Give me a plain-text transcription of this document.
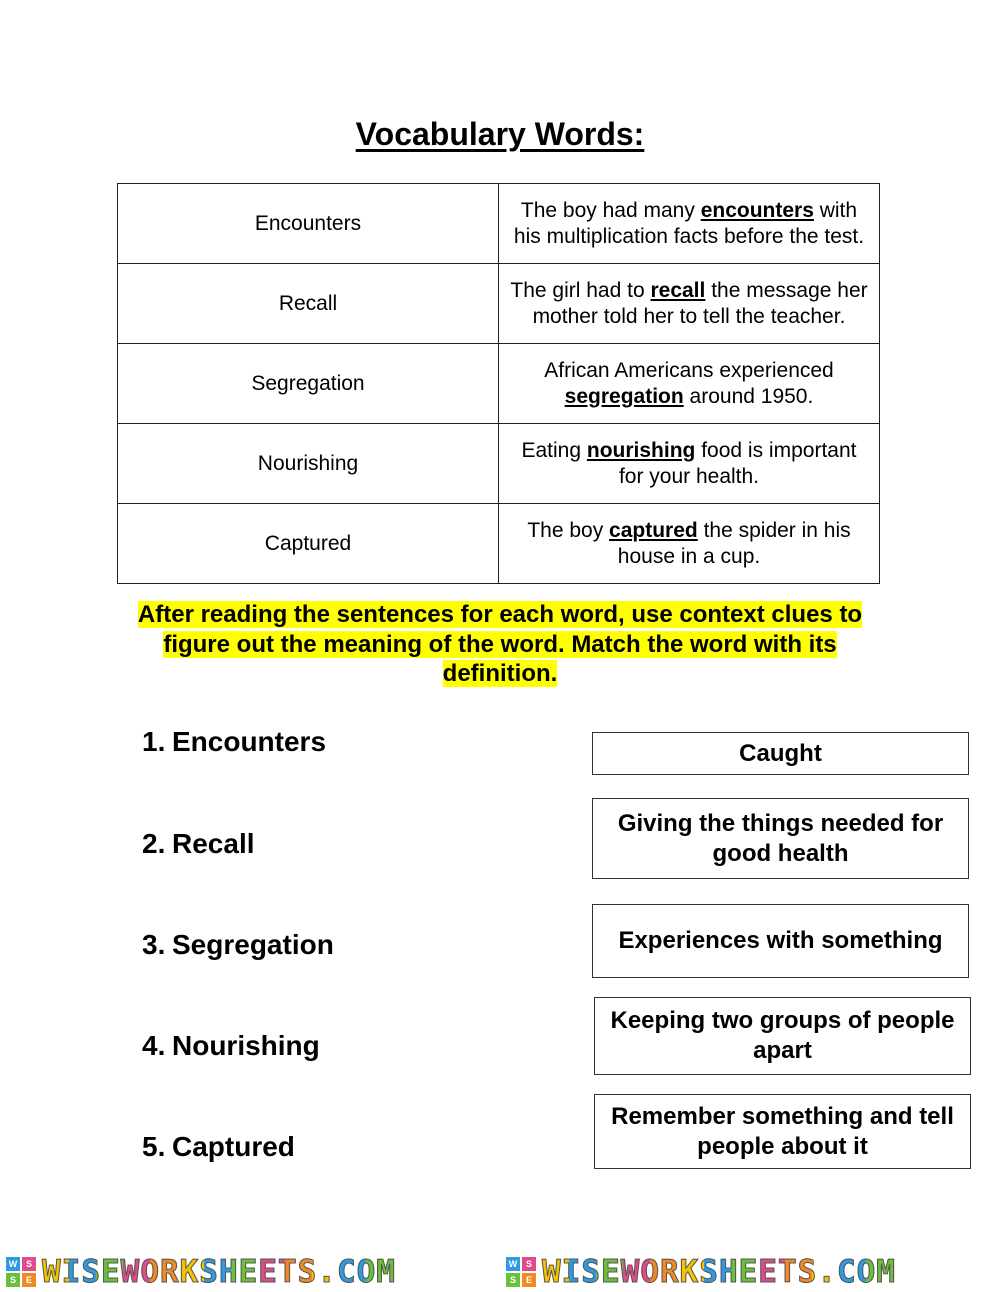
Vocabulary Words:
Encounters	The boy had many encounters with his multiplication facts before the test.
Recall	The girl had to recall the message her mother told her to tell the teacher.
Segregation	African Americans experienced segregation around 1950.
Nourishing	Eating nourishing food is important for your health.
Captured	The boy captured the spider in his house in a cup.
After reading the sentences for each word, use context clues to figure out the meaning of the word. Match the word with its definition.
1. Encounters
2. Recall
3. Segregation
4. Nourishing
5. Captured
Caught
Giving the things needed for good health
Experiences with something
Keeping two groups of people apart
Remember something and tell people about it
W S
S	E WISEWORKSHEETS.COM	W S
S	E WISEWORKSHEETS.COM
